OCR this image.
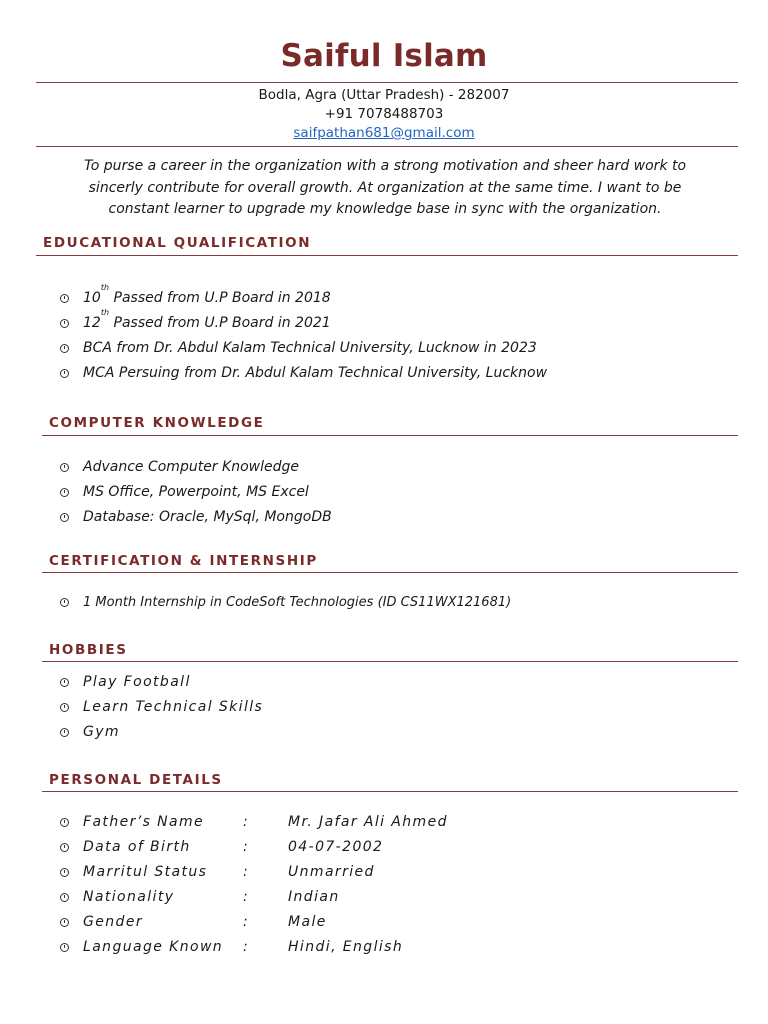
Saiful Islam
Bodla, Agra (Uttar Pradesh) - 282007
+91 7078488703
saifpathan681@gmail.com
To purse a career in the organization with a strong motivation and sheer hard work to sincerly contribute for overall growth. At organization at the same time. I want to be constant learner to upgrade my knowledge base in sync with the organization.
EDUCATIONAL QUALIFICATION
10th Passed from U.P Board in 2018
12th Passed from U.P Board in 2021
BCA from Dr. Abdul Kalam Technical University, Lucknow in 2023
MCA Persuing from Dr. Abdul Kalam Technical University, Lucknow
COMPUTER KNOWLEDGE
Advance Computer Knowledge
MS Office, Powerpoint, MS Excel
Database: Oracle, MySql, MongoDB
CERTIFICATION & INTERNSHIP
1 Month Internship in CodeSoft Technologies (ID CS11WX121681)
HOBBIES
Play Football
Learn Technical Skills
Gym
PERSONAL DETAILS
Father’s Name	:	Mr. Jafar Ali Ahmed
Data of Birth	:	04-07-2002
Marritul Status	:	Unmarried
Nationality	:	Indian
Gender	:	Male
Language Known :	Hindi, English
